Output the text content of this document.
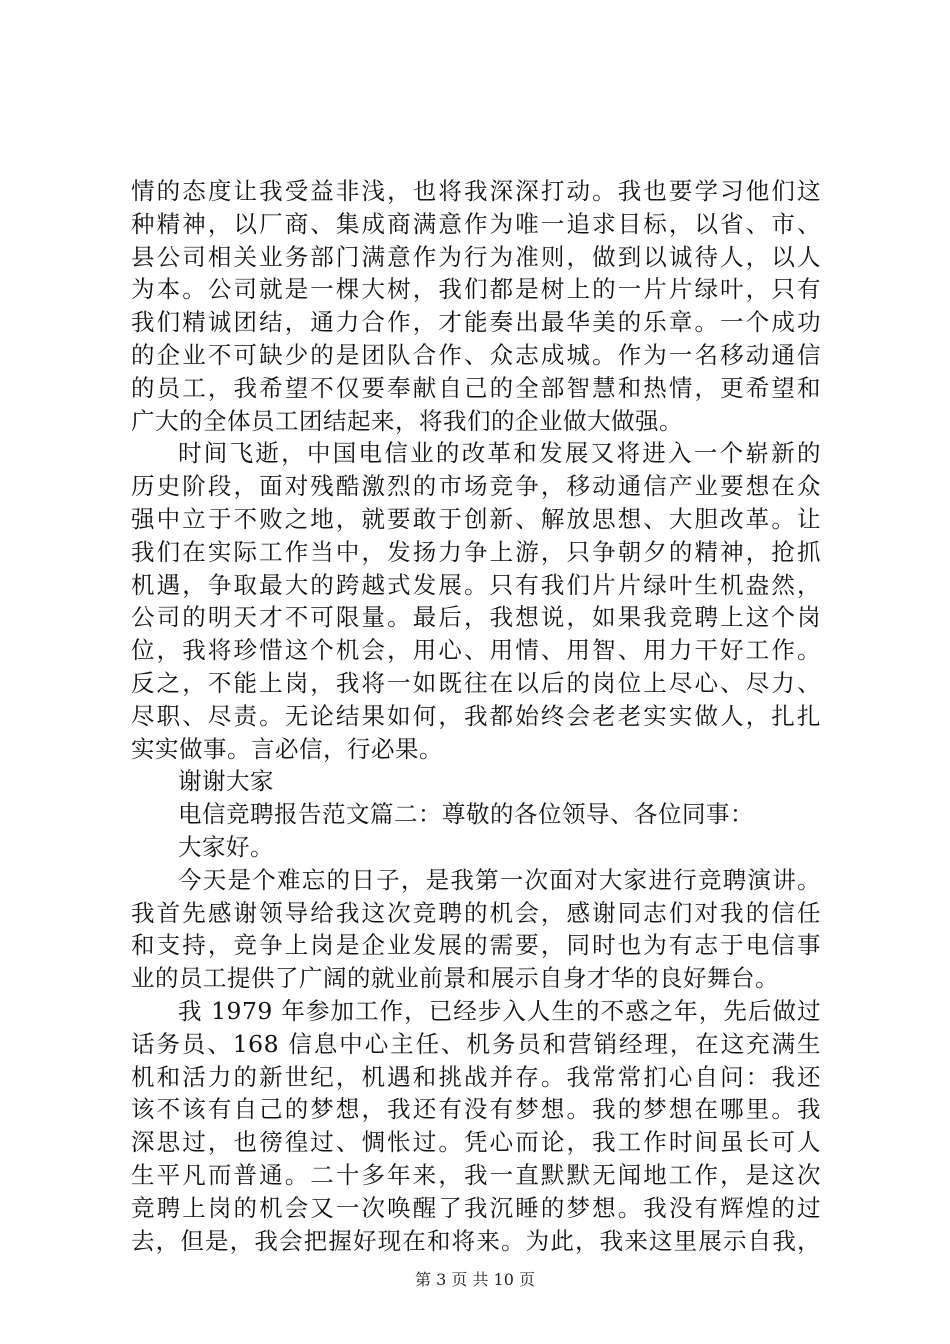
情的态度让我受益非浅，也将我深深打动。我也要学习他们这
种精神，以厂商、集成商满意作为唯一追求目标，以省、市、
县公司相关业务部门满意作为行为准则，做到以诚待人，以人
为本。公司就是一棵大树，我们都是树上的一片片绿叶，只有
我们精诚团结，通力合作，才能奏出最华美的乐章。一个成功
的企业不可缺少的是团队合作、众志成城。作为一名移动通信
的员工，我希望不仅要奉献自己的全部智慧和热情，更希望和
广大的全体员工团结起来，将我们的企业做大做强。
时间飞逝，中国电信业的改革和发展又将进入一个崭新的
历史阶段，面对残酷激烈的市场竞争，移动通信产业要想在众
强中立于不败之地，就要敢于创新、解放思想、大胆改革。让
我们在实际工作当中，发扬力争上游，只争朝夕的精神，抢抓
机遇，争取最大的跨越式发展。只有我们片片绿叶生机盎然，
公司的明天才不可限量。最后，我想说，如果我竞聘上这个岗
位，我将珍惜这个机会，用心、用情、用智、用力干好工作。
反之，不能上岗，我将一如既往在以后的岗位上尽心、尽力、
尽职、尽责。无论结果如何，我都始终会老老实实做人，扎扎
实实做事。言必信，行必果。
谢谢大家
电信竞聘报告范文篇二：尊敬的各位领导、各位同事：
大家好。
今天是个难忘的日子，是我第一次面对大家进行竞聘演讲。
我首先感谢领导给我这次竞聘的机会，感谢同志们对我的信任
和支持，竞争上岗是企业发展的需要，同时也为有志于电信事
业的员工提供了广阔的就业前景和展示自身才华的良好舞台。
我 1979 年参加工作，已经步入人生的不惑之年，先后做过
话务员、168 信息中心主任、机务员和营销经理，在这充满生
机和活力的新世纪，机遇和挑战并存。我常常扪心自问：我还
该不该有自己的梦想，我还有没有梦想。我的梦想在哪里。我
深思过，也徬徨过、惆怅过。凭心而论，我工作时间虽长可人
生平凡而普通。二十多年来，我一直默默无闻地工作，是这次
竞聘上岗的机会又一次唤醒了我沉睡的梦想。我没有辉煌的过
去，但是，我会把握好现在和将来。为此，我来这里展示自我，
第 3 页 共 10 页
